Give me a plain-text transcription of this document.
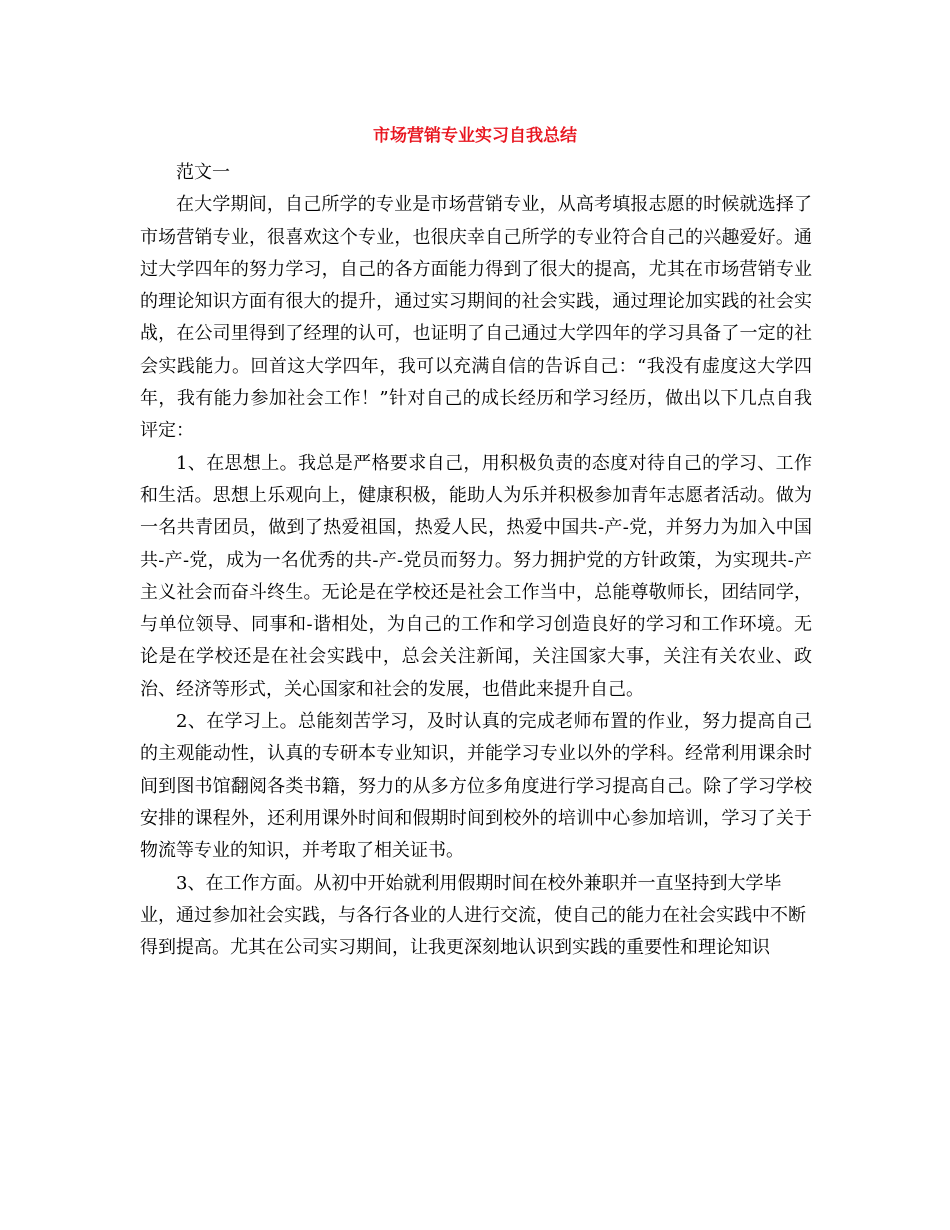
市场营销专业实习自我总结

范文一

在大学期间，自己所学的专业是市场营销专业，从高考填报志愿的时候就选择了市场营销专业，很喜欢这个专业，也很庆幸自己所学的专业符合自己的兴趣爱好。通过大学四年的努力学习，自己的各方面能力得到了很大的提高，尤其在市场营销专业的理论知识方面有很大的提升，通过实习期间的社会实践，通过理论加实践的社会实战，在公司里得到了经理的认可，也证明了自己通过大学四年的学习具备了一定的社会实践能力。回首这大学四年，我可以充满自信的告诉自己：“我没有虚度这大学四年，我有能力参加社会工作！”针对自己的成长经历和学习经历，做出以下几点自我评定：

1、在思想上。我总是严格要求自己，用积极负责的态度对待自己的学习、工作和生活。思想上乐观向上，健康积极，能助人为乐并积极参加青年志愿者活动。做为一名共青团员，做到了热爱祖国，热爱人民，热爱中国共-产-党，并努力为加入中国共-产-党，成为一名优秀的共-产-党员而努力。努力拥护党的方针政策，为实现共-产主义社会而奋斗终生。无论是在学校还是社会工作当中，总能尊敬师长，团结同学，与单位领导、同事和-谐相处，为自己的工作和学习创造良好的学习和工作环境。无论是在学校还是在社会实践中，总会关注新闻，关注国家大事，关注有关农业、政治、经济等形式，关心国家和社会的发展，也借此来提升自己。

2、在学习上。总能刻苦学习，及时认真的完成老师布置的作业，努力提高自己的主观能动性，认真的专研本专业知识，并能学习专业以外的学科。经常利用课余时间到图书馆翻阅各类书籍，努力的从多方位多角度进行学习提高自己。除了学习学校安排的课程外，还利用课外时间和假期时间到校外的培训中心参加培训，学习了关于物流等专业的知识，并考取了相关证书。

3、在工作方面。从初中开始就利用假期时间在校外兼职并一直坚持到大学毕业，通过参加社会实践，与各行各业的人进行交流，使自己的能力在社会实践中不断得到提高。尤其在公司实习期间，让我更深刻地认识到实践的重要性和理论知识
